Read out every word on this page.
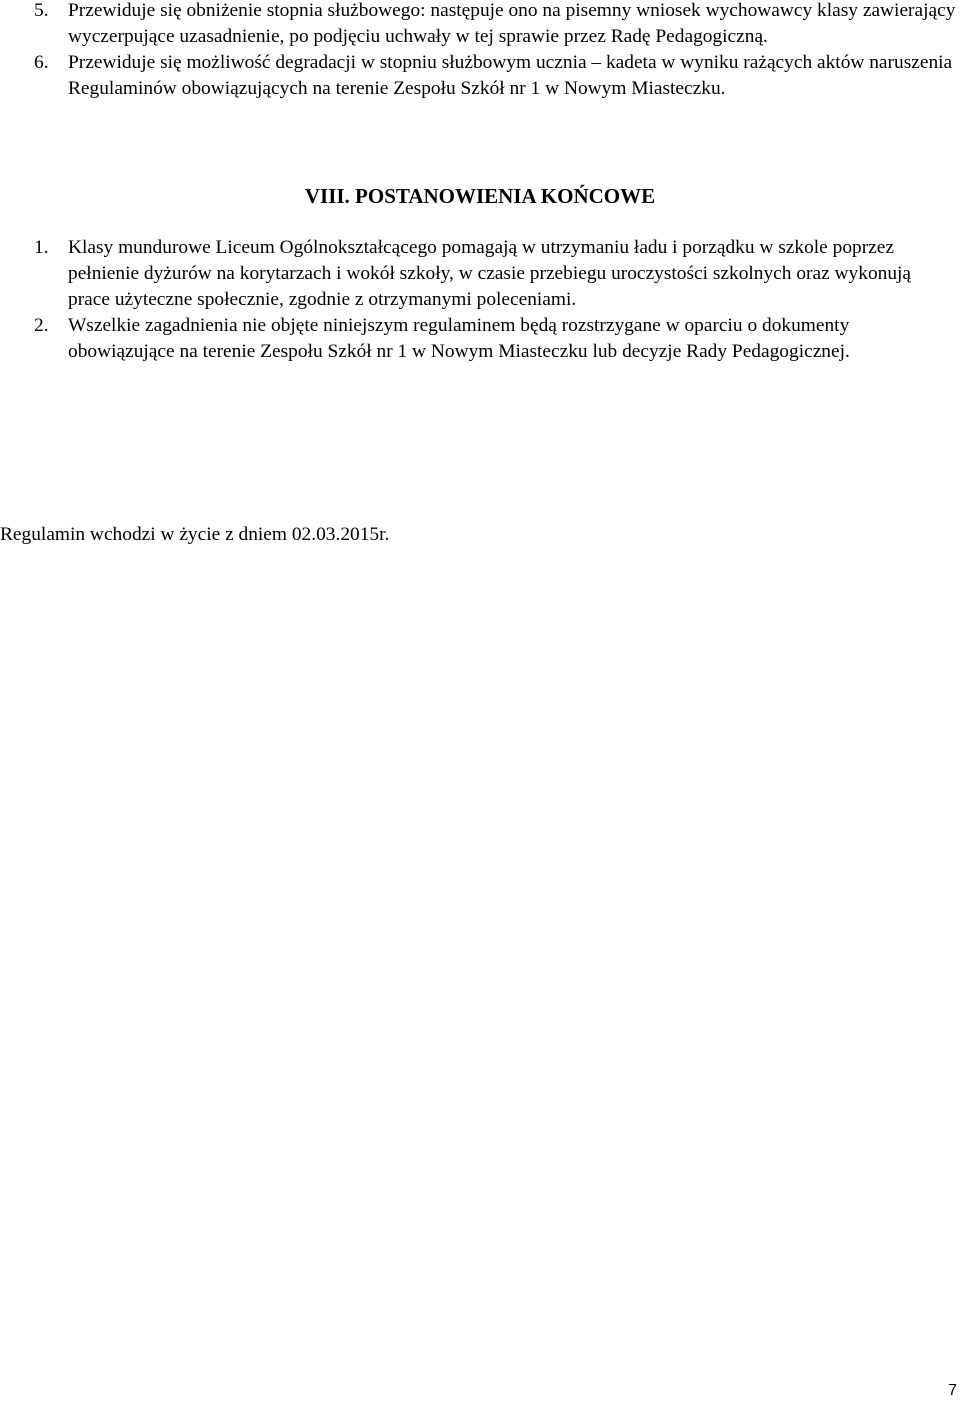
5. Przewiduje się obniżenie stopnia służbowego: następuje ono na pisemny wniosek wychowawcy klasy zawierający wyczerpujące uzasadnienie, po podjęciu uchwały w tej sprawie przez Radę Pedagogiczną.
6. Przewiduje się możliwość degradacji w stopniu służbowym ucznia – kadeta w wyniku rażących aktów naruszenia Regulaminów obowiązujących na terenie Zespołu Szkół nr 1 w Nowym Miasteczku.
VIII. POSTANOWIENIA KOŃCOWE
1. Klasy mundurowe Liceum Ogólnokształcącego pomagają w utrzymaniu ładu i porządku w szkole poprzez pełnienie dyżurów na korytarzach i wokół szkoły, w czasie przebiegu uroczystości szkolnych oraz wykonują prace użyteczne społecznie, zgodnie z otrzymanymi poleceniami.
2. Wszelkie zagadnienia nie objęte niniejszym regulaminem będą rozstrzygane w oparciu o dokumenty obowiązujące na terenie Zespołu Szkół nr 1 w Nowym Miasteczku lub decyzje Rady Pedagogicznej.
Regulamin wchodzi w życie z dniem 02.03.2015r.
7
